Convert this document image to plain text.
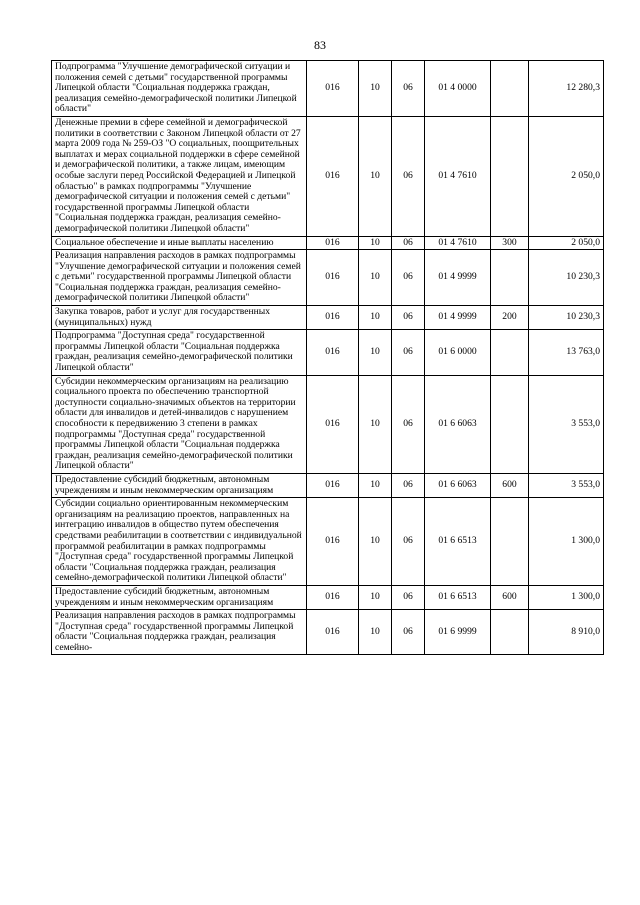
83
Подпрограмма "Улучшение демографической ситуации и положения семей с детьми" государственной программы Липецкой области "Социальная поддержка граждан, реализация семейно-демографической политики Липецкой области"	016	10	06	01 4 0000		12 280,3
Денежные премии в сфере семейной и демографической политики в соответствии с Законом Липецкой области от 27 марта 2009 года № 259-ОЗ "О социальных, поощрительных выплатах и мерах социальной поддержки в сфере семейной и демографической политики, а также лицам, имеющим особые заслуги перед Российской Федерацией и Липецкой областью" в рамках подпрограммы "Улучшение демографической ситуации и положения семей с детьми" государственной программы Липецкой области "Социальная поддержка граждан, реализация семейно-демографической политики Липецкой области"	016	10	06	01 4 7610		2 050,0
Социальное обеспечение и иные выплаты населению	016	10	06	01 4 7610	300	2 050,0
Реализация направления расходов в рамках подпрограммы "Улучшение демографической ситуации и положения семей с детьми" государственной программы Липецкой области "Социальная поддержка граждан, реализация семейно-демографической политики Липецкой области"	016	10	06	01 4 9999		10 230,3
Закупка товаров, работ и услуг для государственных (муниципальных) нужд	016	10	06	01 4 9999	200	10 230,3
Подпрограмма "Доступная среда" государственной программы Липецкой области "Социальная поддержка граждан, реализация семейно-демографической политики Липецкой области"	016	10	06	01 6 0000		13 763,0
Субсидии некоммерческим организациям на реализацию социального проекта по обеспечению транспортной доступности социально-значимых объектов на территории области для инвалидов и детей-инвалидов с нарушением способности к передвижению 3 степени в рамках подпрограммы "Доступная среда" государственной программы Липецкой области "Социальная поддержка граждан, реализация семейно-демографической политики Липецкой области"	016	10	06	01 6 6063		3 553,0
Предоставление субсидий бюджетным, автономным учреждениям и иным некоммерческим организациям	016	10	06	01 6 6063	600	3 553,0
Субсидии социально ориентированным некоммерческим организациям на реализацию проектов, направленных на интеграцию инвалидов в общество путем обеспечения средствами реабилитации в соответствии с индивидуальной программой реабилитации в рамках подпрограммы "Доступная среда" государственной программы Липецкой области "Социальная поддержка граждан, реализация семейно-демографической политики Липецкой области"	016	10	06	01 6 6513		1 300,0
Предоставление субсидий бюджетным, автономным учреждениям и иным некоммерческим организациям	016	10	06	01 6 6513	600	1 300,0
Реализация направления расходов в рамках подпрограммы "Доступная среда" государственной программы Липецкой области "Социальная поддержка граждан, реализация семейно-	016	10	06	01 6 9999		8 910,0
